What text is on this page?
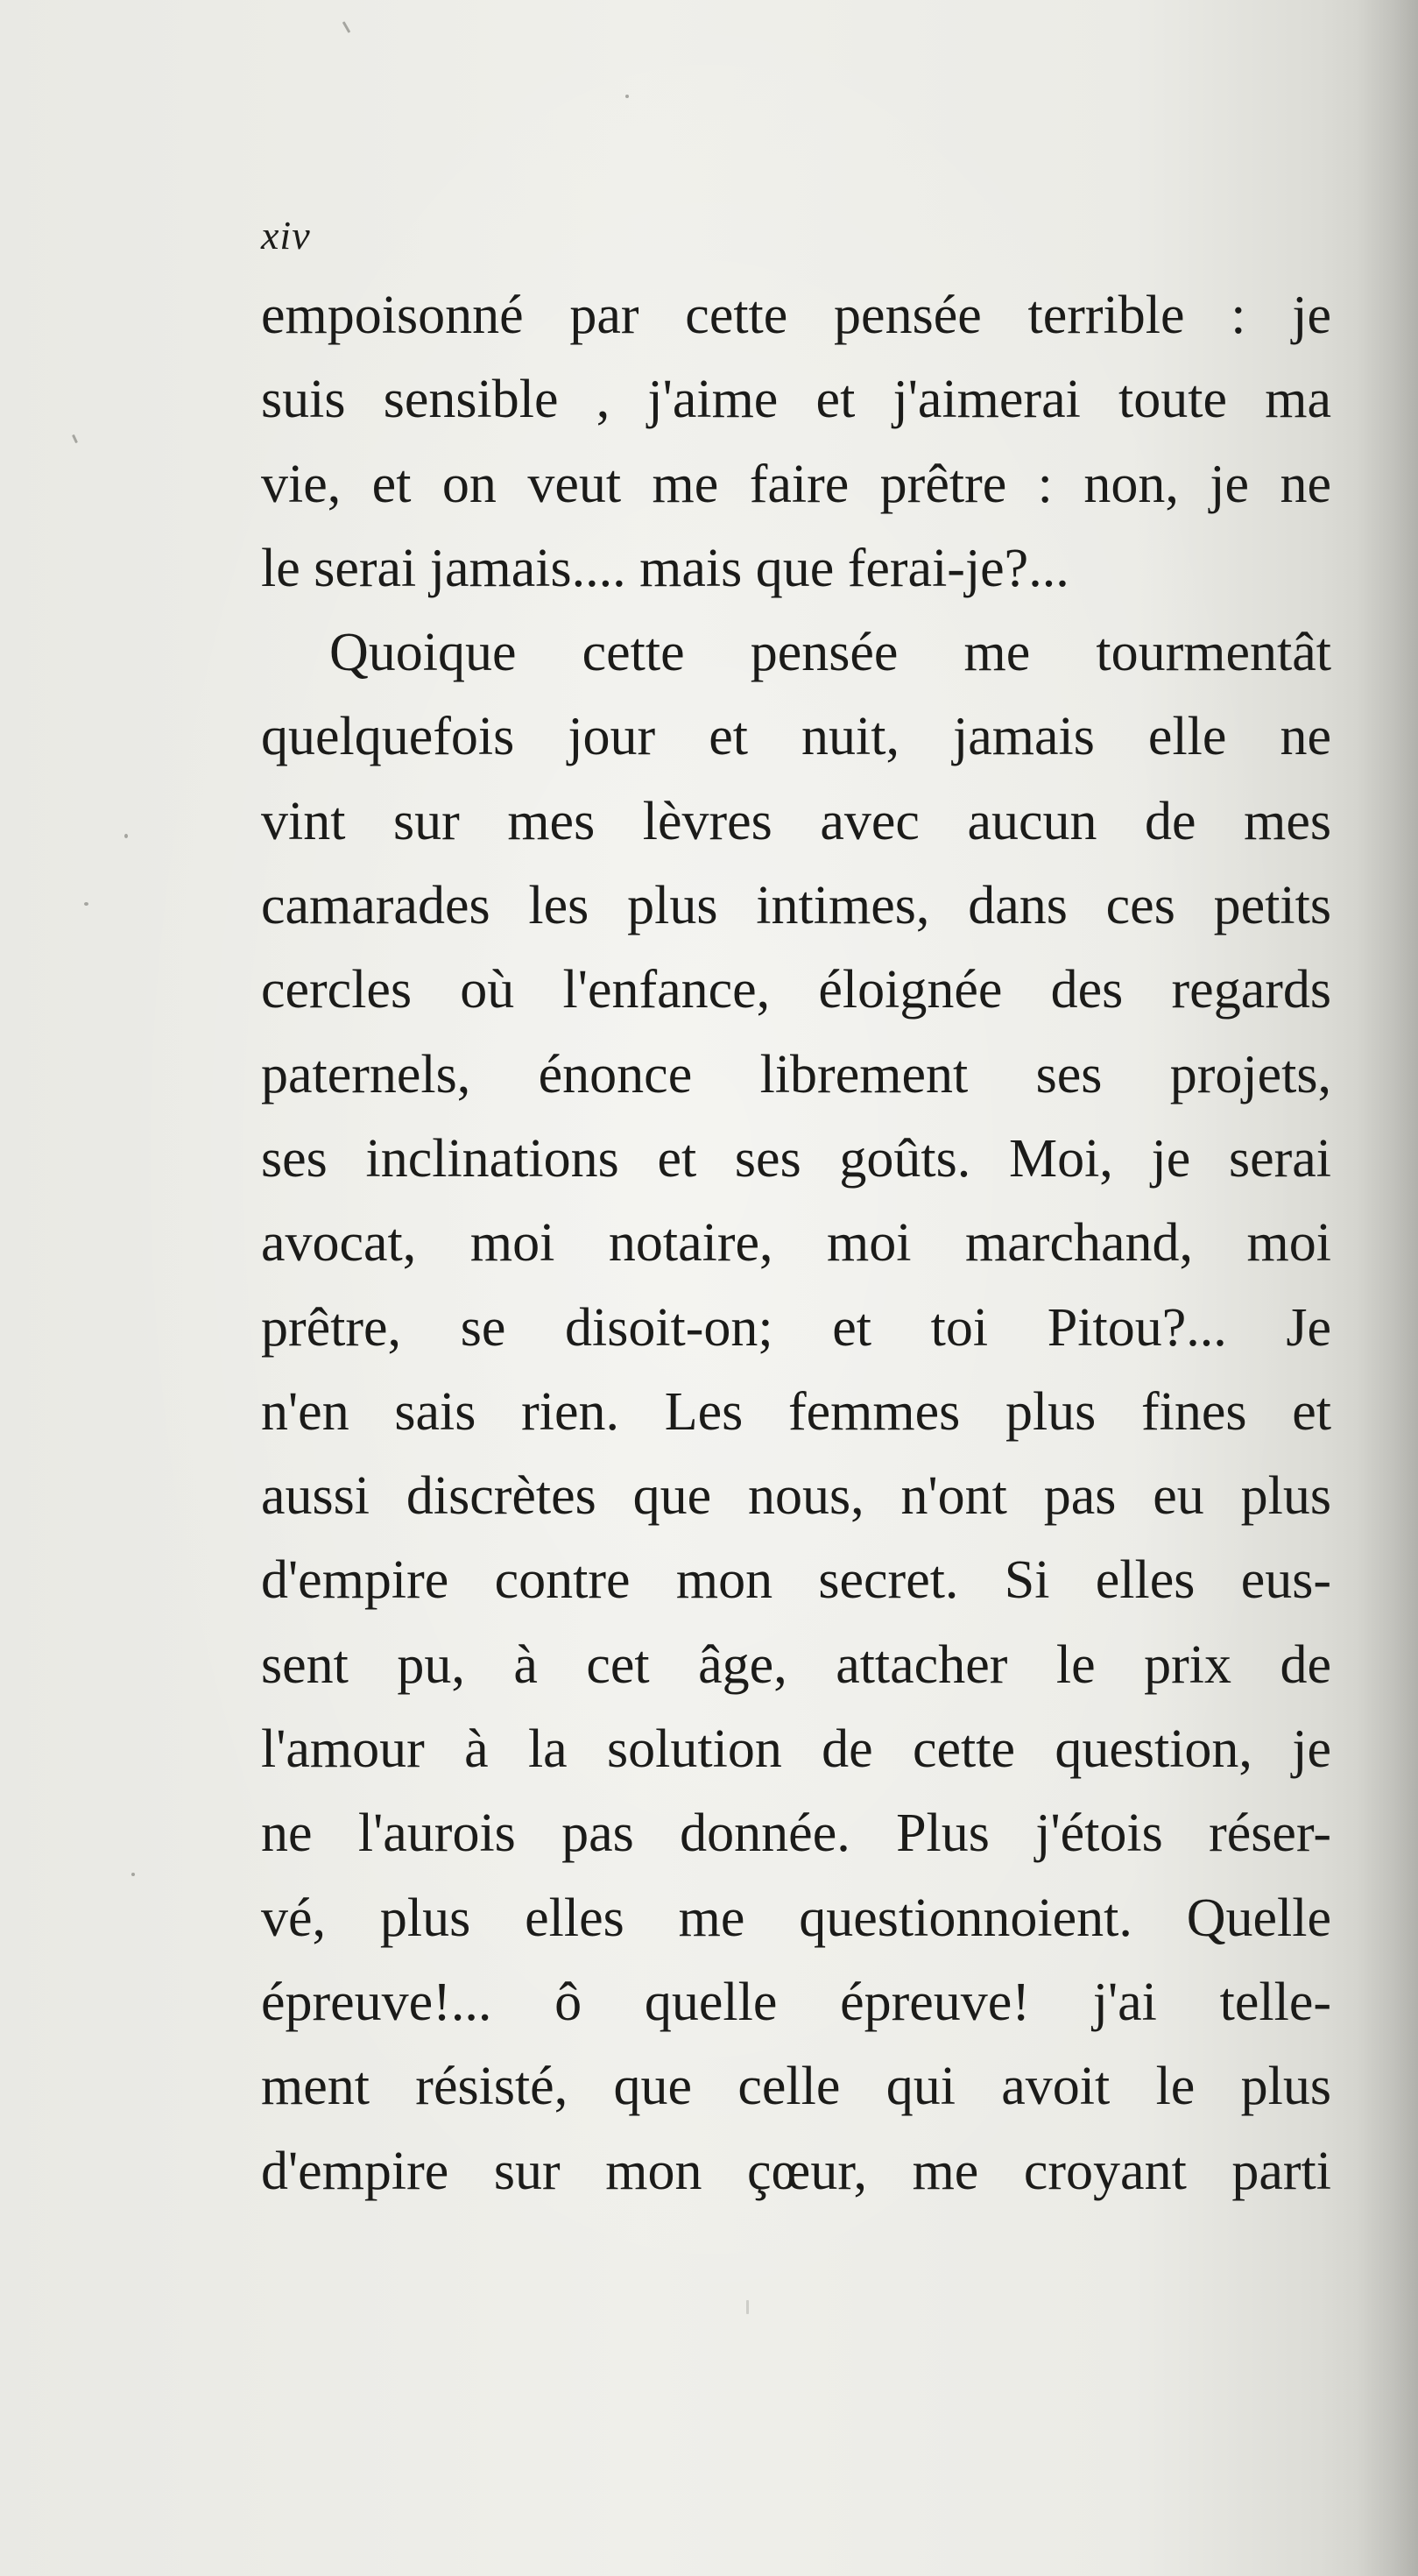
xiv
empoisonné par cette pensée terrible : je
suis sensible , j'aime et j'aimerai toute ma
vie, et on veut me faire prêtre : non, je ne
le serai jamais.... mais que ferai-je?...
Quoique cette pensée me tourmentât
quelquefois jour et nuit, jamais elle ne
vint sur mes lèvres avec aucun de mes
camarades les plus intimes, dans ces petits
cercles où l'enfance, éloignée des regards
paternels, énonce librement ses projets,
ses inclinations et ses goûts. Moi, je serai
avocat, moi notaire, moi marchand, moi
prêtre, se disoit-on; et toi Pitou?... Je
n'en sais rien. Les femmes plus fines et
aussi discrètes que nous, n'ont pas eu plus
d'empire contre mon secret. Si elles eus-
sent pu, à cet âge, attacher le prix de
l'amour à la solution de cette question, je
ne l'aurois pas donnée. Plus j'étois réser-
vé, plus elles me questionnoient. Quelle
épreuve!... ô quelle épreuve! j'ai telle-
ment résisté, que celle qui avoit le plus
d'empire sur mon çœur, me croyant parti
